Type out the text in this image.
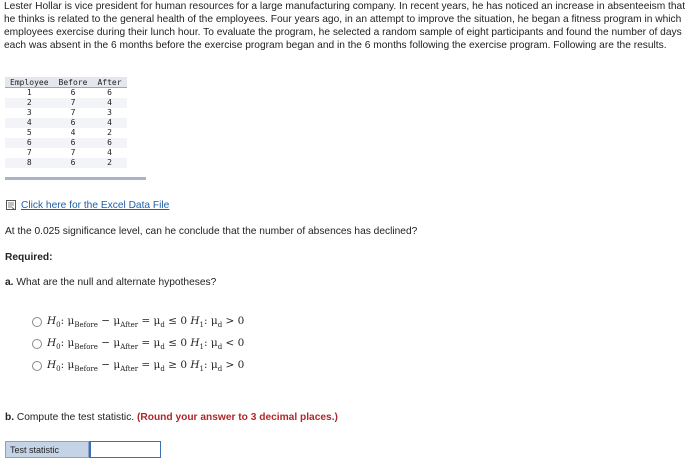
Lester Hollar is vice president for human resources for a large manufacturing company. In recent years, he has noticed an increase in absenteeism that he thinks is related to the general health of the employees. Four years ago, in an attempt to improve the situation, he began a fitness program in which employees exercise during their lunch hour. To evaluate the program, he selected a random sample of eight participants and found the number of days each was absent in the 6 months before the exercise program began and in the 6 months following the exercise program. Following are the results.

Employee	Before	After
1	6	6
2	7	4
3	7	3
4	6	4
5	4	2
6	6	6
7	7	4
8	6	2
Click here for the Excel Data File

At the 0.025 significance level, can he conclude that the number of absences has declined?

Required:

a. What are the null and alternate hypotheses?

$H_0$: $\mu_{Before} - \mu_{After} = \mu_d \le 0$ $H_1$: $\mu_d > 0$
$H_0$: $\mu_{Before} - \mu_{After} = \mu_d \le 0$ $H_1$: $\mu_d < 0$
$H_0$: $\mu_{Before} - \mu_{After} = \mu_d \ge 0$ $H_1$: $\mu_d > 0$

b. Compute the test statistic. (Round your answer to 3 decimal places.)

Test statistic
